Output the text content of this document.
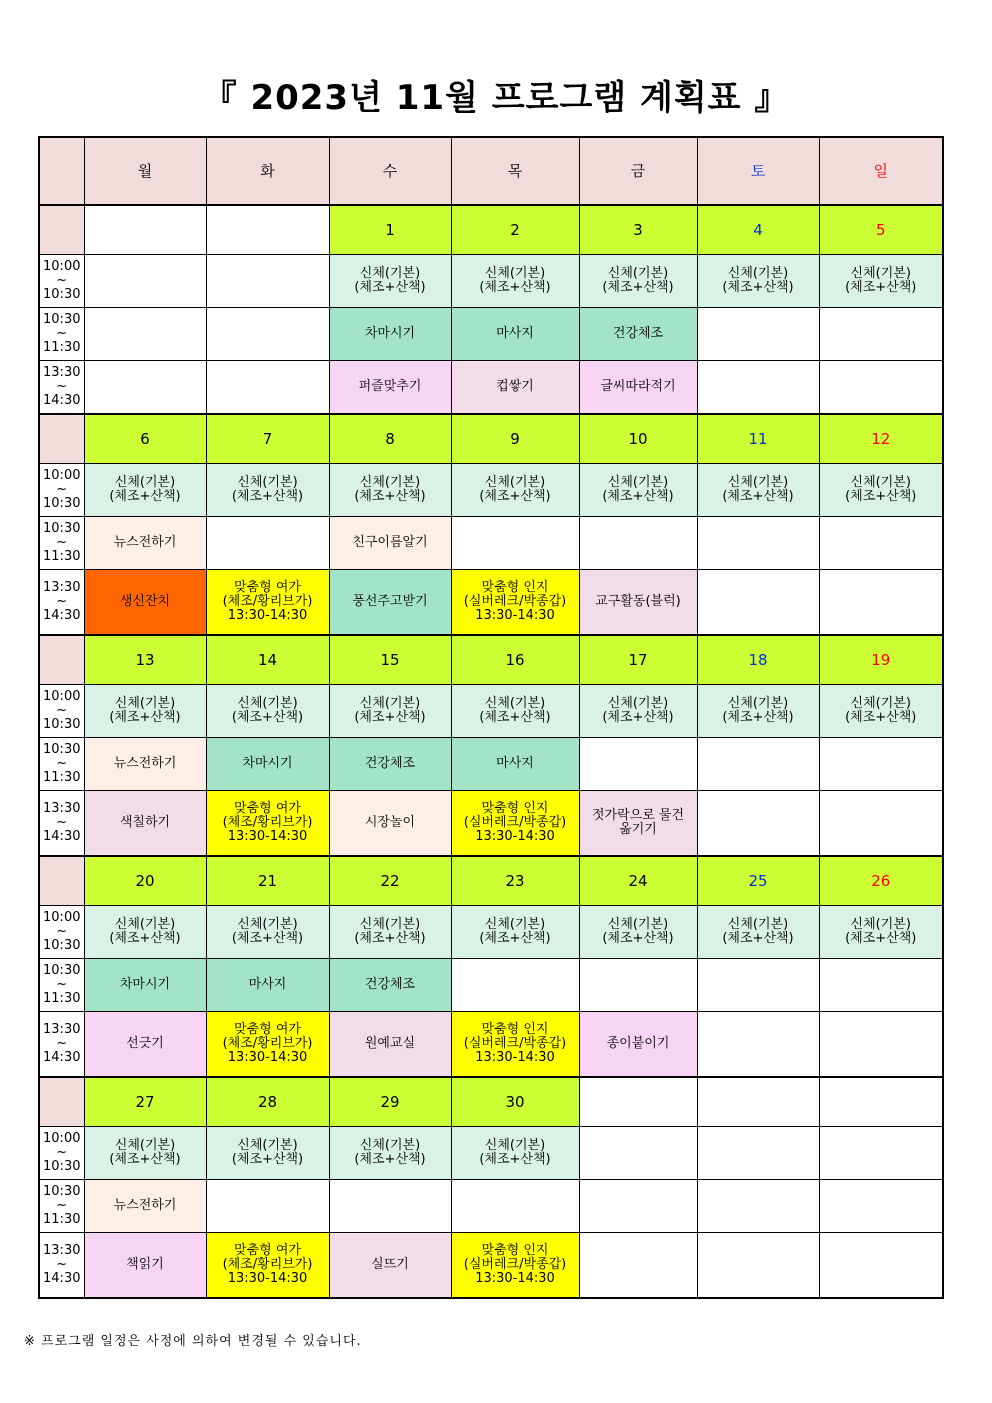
『 2023년 11월 프로그램 계획표 』
	월	화	수	목	금	토	일
			1	2	3	4	5
10:00
~
10:30			신체(기본)
(체조+산책)	신체(기본)
(체조+산책)	신체(기본)
(체조+산책)	신체(기본)
(체조+산책)	신체(기본)
(체조+산책)
10:30
~
11:30			차마시기	마사지	건강체조		
13:30
~
14:30			퍼즐맞추기	컵쌓기	글씨따라적기		
	6	7	8	9	10	11	12
10:00
~
10:30	신체(기본)
(체조+산책)	신체(기본)
(체조+산책)	신체(기본)
(체조+산책)	신체(기본)
(체조+산책)	신체(기본)
(체조+산책)	신체(기본)
(체조+산책)	신체(기본)
(체조+산책)
10:30
~
11:30	뉴스전하기		친구이름알기				
13:30
~
14:30	생신잔치	맞춤형 여가
(체조/황리브가)
13:30-14:30	풍선주고받기	맞춤형 인지
(실버레크/박종갑)
13:30-14:30	교구활동(블럭)		
	13	14	15	16	17	18	19
10:00
~
10:30	신체(기본)
(체조+산책)	신체(기본)
(체조+산책)	신체(기본)
(체조+산책)	신체(기본)
(체조+산책)	신체(기본)
(체조+산책)	신체(기본)
(체조+산책)	신체(기본)
(체조+산책)
10:30
~
11:30	뉴스전하기	차마시기	건강체조	마사지			
13:30
~
14:30	색칠하기	맞춤형 여가
(체조/황리브가)
13:30-14:30	시장놀이	맞춤형 인지
(실버레크/박종갑)
13:30-14:30	젓가락으로 물건
옮기기		
	20	21	22	23	24	25	26
10:00
~
10:30	신체(기본)
(체조+산책)	신체(기본)
(체조+산책)	신체(기본)
(체조+산책)	신체(기본)
(체조+산책)	신체(기본)
(체조+산책)	신체(기본)
(체조+산책)	신체(기본)
(체조+산책)
10:30
~
11:30	차마시기	마사지	건강체조				
13:30
~
14:30	선긋기	맞춤형 여가
(체조/황리브가)
13:30-14:30	원예교실	맞춤형 인지
(실버레크/박종갑)
13:30-14:30	종이붙이기		
	27	28	29	30			
10:00
~
10:30	신체(기본)
(체조+산책)	신체(기본)
(체조+산책)	신체(기본)
(체조+산책)	신체(기본)
(체조+산책)			
10:30
~
11:30	뉴스전하기						
13:30
~
14:30	책읽기	맞춤형 여가
(체조/황리브가)
13:30-14:30	실뜨기	맞춤형 인지
(실버레크/박종갑)
13:30-14:30			
※ 프로그램 일정은 사정에 의하여 변경될 수 있습니다.
